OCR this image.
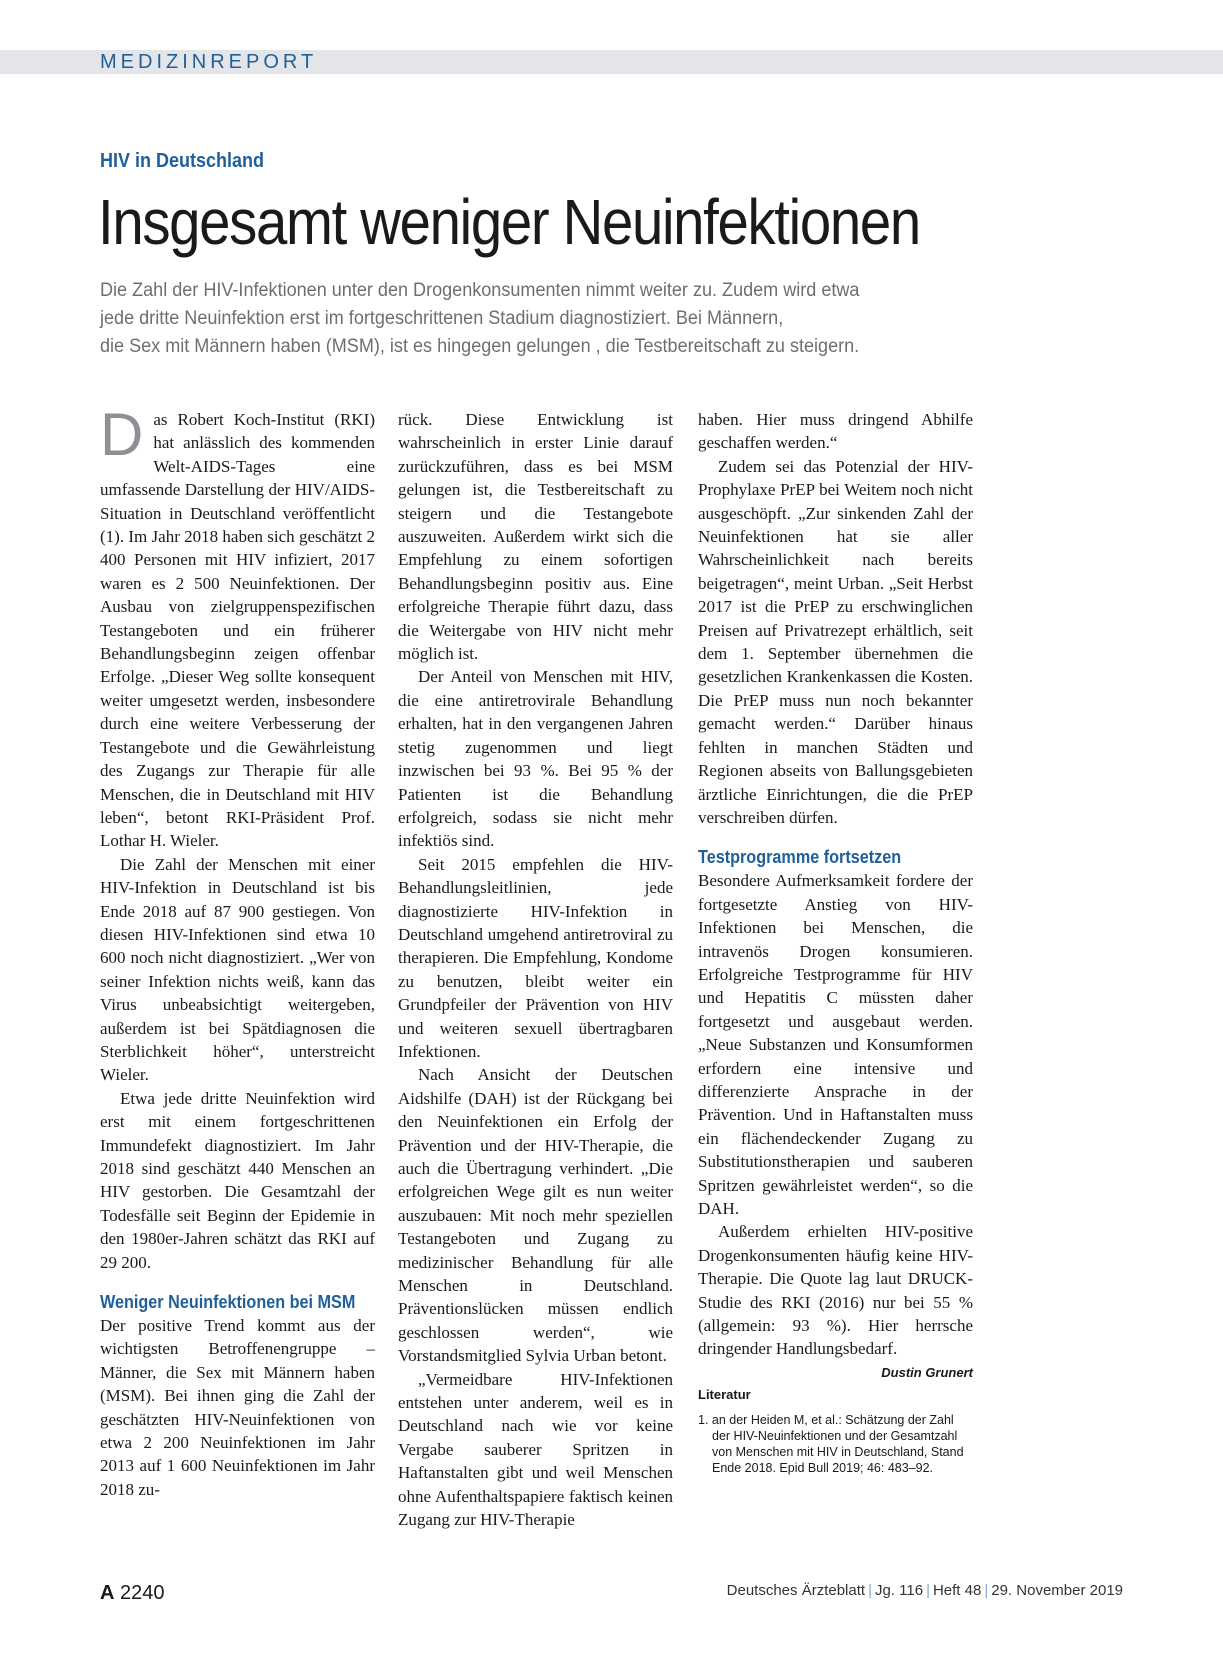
MEDIZINREPORT
HIV in Deutschland
Insgesamt weniger Neuinfektionen
Die Zahl der HIV-Infektionen unter den Drogenkonsumenten nimmt weiter zu. Zudem wird etwa
jede dritte Neuinfektion erst im fortgeschrittenen Stadium diagnostiziert. Bei Männern,
die Sex mit Männern haben (MSM), ist es hingegen gelungen , die Testbereitschaft zu steigern.

Das Robert Koch-Institut (RKI) hat anlässlich des kommenden Welt-AIDS-Tages eine umfassende Darstellung der HIV/AIDS-Situation in Deutschland veröffentlicht (1). Im Jahr 2018 haben sich geschätzt 2 400 Personen mit HIV infiziert, 2017 waren es 2 500 Neuinfektionen. Der Ausbau von zielgruppenspezifischen Testangeboten und ein früherer Behandlungsbeginn zeigen offenbar Erfolge. „Dieser Weg sollte konsequent weiter umgesetzt werden, insbesondere durch eine weitere Verbesserung der Testangebote und die Gewährleistung des Zugangs zur Therapie für alle Menschen, die in Deutschland mit HIV leben“, betont RKI-Präsident Prof. Lothar H. Wieler.

Die Zahl der Menschen mit einer HIV-Infektion in Deutschland ist bis Ende 2018 auf 87 900 gestiegen. Von diesen HIV-Infektionen sind etwa 10 600 noch nicht diagnostiziert. „Wer von seiner Infektion nichts weiß, kann das Virus unbeabsichtigt weitergeben, außerdem ist bei Spätdiagnosen die Sterblichkeit höher“, unterstreicht Wieler.

Etwa jede dritte Neuinfektion wird erst mit einem fortgeschrittenen Immundefekt diagnostiziert. Im Jahr 2018 sind geschätzt 440 Menschen an HIV gestorben. Die Gesamtzahl der Todesfälle seit Beginn der Epidemie in den 1980er-Jahren schätzt das RKI auf 29 200.

Weniger Neuinfektionen bei MSM

Der positive Trend kommt aus der wichtigsten Betroffenengruppe – Männer, die Sex mit Männern haben (MSM). Bei ihnen ging die Zahl der geschätzten HIV-Neuinfektionen von etwa 2 200 Neuinfektionen im Jahr 2013 auf 1 600 Neuinfektionen im Jahr 2018 zu-

rück. Diese Entwicklung ist wahrscheinlich in erster Linie darauf zurückzuführen, dass es bei MSM gelungen ist, die Testbereitschaft zu steigern und die Testangebote auszuweiten. Außerdem wirkt sich die Empfehlung zu einem sofortigen Behandlungsbeginn positiv aus. Eine erfolgreiche Therapie führt dazu, dass die Weitergabe von HIV nicht mehr möglich ist.

Der Anteil von Menschen mit HIV, die eine antiretrovirale Behandlung erhalten, hat in den vergangenen Jahren stetig zugenommen und liegt inzwischen bei 93 %. Bei 95 % der Patienten ist die Behandlung erfolgreich, sodass sie nicht mehr infektiös sind.

Seit 2015 empfehlen die HIV-Behandlungsleitlinien, jede diagnostizierte HIV-Infektion in Deutschland umgehend antiretroviral zu therapieren. Die Empfehlung, Kondome zu benutzen, bleibt weiter ein Grundpfeiler der Prävention von HIV und weiteren sexuell übertragbaren Infektionen.

Nach Ansicht der Deutschen Aidshilfe (DAH) ist der Rückgang bei den Neuinfektionen ein Erfolg der Prävention und der HIV-Therapie, die auch die Übertragung verhindert. „Die erfolgreichen Wege gilt es nun weiter auszubauen: Mit noch mehr speziellen Testangeboten und Zugang zu medizinischer Behandlung für alle Menschen in Deutschland. Präventionslücken müssen endlich geschlossen werden“, wie Vorstandsmitglied Sylvia Urban betont.

„Vermeidbare HIV-Infektionen entstehen unter anderem, weil es in Deutschland nach wie vor keine Vergabe sauberer Spritzen in Haftanstalten gibt und weil Menschen ohne Aufenthaltspapiere faktisch keinen Zugang zur HIV-Therapie

haben. Hier muss dringend Abhilfe geschaffen werden.“

Zudem sei das Potenzial der HIV-Prophylaxe PrEP bei Weitem noch nicht ausgeschöpft. „Zur sinkenden Zahl der Neuinfektionen hat sie aller Wahrscheinlichkeit nach bereits beigetragen“, meint Urban. „Seit Herbst 2017 ist die PrEP zu erschwinglichen Preisen auf Privatrezept erhältlich, seit dem 1. September übernehmen die gesetzlichen Krankenkassen die Kosten. Die PrEP muss nun noch bekannter gemacht werden.“ Darüber hinaus fehlten in manchen Städten und Regionen abseits von Ballungsgebieten ärztliche Einrichtungen, die die PrEP verschreiben dürfen.

Testprogramme fortsetzen

Besondere Aufmerksamkeit fordere der fortgesetzte Anstieg von HIV-Infektionen bei Menschen, die intravenös Drogen konsumieren. Erfolgreiche Testprogramme für HIV und Hepatitis C müssten daher fortgesetzt und ausgebaut werden. „Neue Substanzen und Konsumformen erfordern eine intensive und differenzierte Ansprache in der Prävention. Und in Haftanstalten muss ein flächendeckender Zugang zu Substitutionstherapien und sauberen Spritzen gewährleistet werden“, so die DAH.

Außerdem erhielten HIV-positive Drogenkonsumenten häufig keine HIV-Therapie. Die Quote lag laut DRUCK-Studie des RKI (2016) nur bei 55 % (allgemein: 93 %). Hier herrsche dringender Handlungsbedarf.
Dustin Grunert

Literatur
1. an der Heiden M, et al.: Schätzung der Zahl der HIV-Neuinfektionen und der Gesamtzahl von Menschen mit HIV in Deutschland, Stand Ende 2018. Epid Bull 2019; 46: 483–92.
A 2240	Deutsches Ärzteblatt | Jg. 116 | Heft 48 | 29. November 2019
